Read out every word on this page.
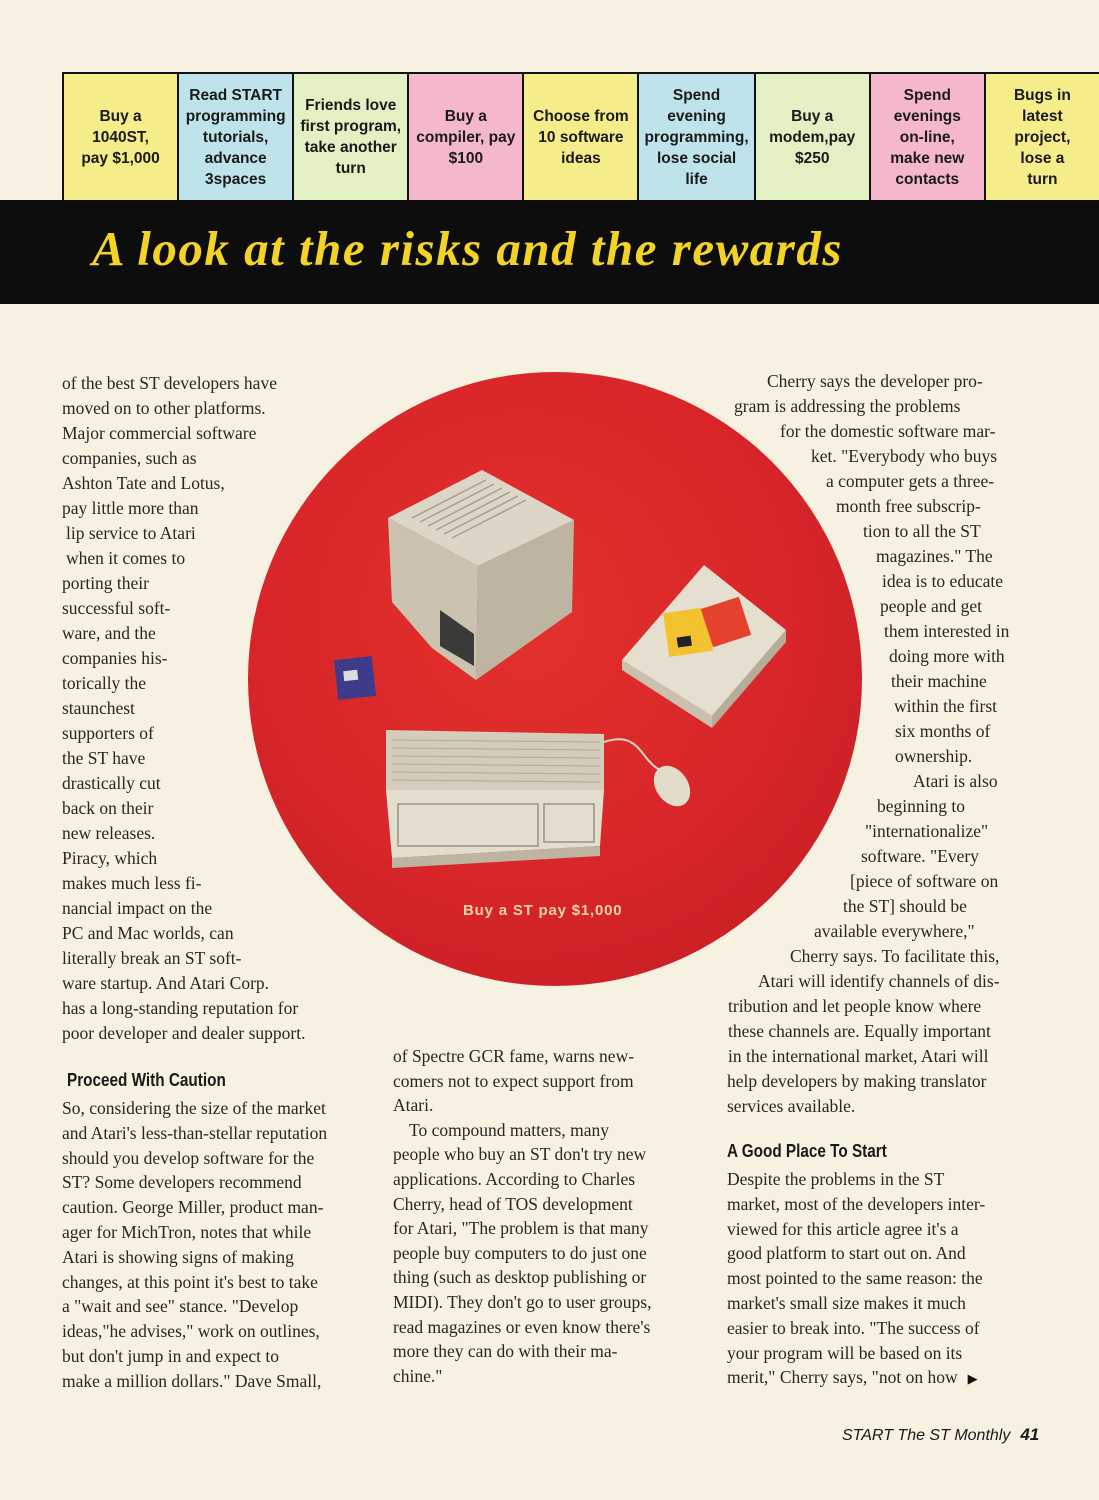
Buy a
1040ST,
pay $1,000
Read START
programming
tutorials,
advance
3spaces
Friends love
first program,
take another
turn
Buy a
compiler, pay
$100
Choose from
10 software
ideas
Spend
evening
programming,
lose social life
Buy a
modem,pay
$250
Spend
evenings
on-line,
make new
contacts
Bugs in
latest
project,
lose a
turn
A look at the risks and the rewards
Buy a ST pay $1,000
of the best ST developers have
moved on to other platforms.
Major commercial software
companies, such as
Ashton Tate and Lotus,
pay little more than
lip service to Atari
when it comes to
porting their
successful soft-
ware, and the
companies his-
torically the
staunchest
supporters of
the ST have
drastically cut
back on their
new releases.
Piracy, which
makes much less fi-
nancial impact on the
PC and Mac worlds, can
literally break an ST soft-
ware startup. And Atari Corp.
has a long-standing reputation for
poor developer and dealer support.
So, considering the size of the market
and Atari's less-than-stellar reputation
should you develop software for the
ST? Some developers recommend
caution. George Miller, product man-
ager for MichTron, notes that while
Atari is showing signs of making
changes, at this point it's best to take
a "wait and see" stance. "Develop
ideas,"he advises," work on outlines,
but don't jump in and expect to
make a million dollars." Dave Small,
of Spectre GCR fame, warns new-
comers not to expect support from
Atari.
To compound matters, many
people who buy an ST don't try new
applications. According to Charles
Cherry, head of TOS development
for Atari, "The problem is that many
people buy computers to do just one
thing (such as desktop publishing or
MIDI). They don't go to user groups,
read magazines or even know there's
more they can do with their ma-
chine."
Cherry says the developer pro-
gram is addressing the problems
for the domestic software mar-
ket. "Everybody who buys
a computer gets a three-
month free subscrip-
tion to all the ST
magazines." The
idea is to educate
people and get
them interested in
doing more with
their machine
within the first
six months of
ownership.
Atari is also
beginning to
"internationalize"
software. "Every
[piece of software on
the ST] should be
available everywhere,"
Cherry says. To facilitate this,
Atari will identify channels of dis-
tribution and let people know where
these channels are. Equally important
in the international market, Atari will
help developers by making translator
services available.
Despite the problems in the ST
market, most of the developers inter-
viewed for this article agree it's a
good platform to start out on. And
most pointed to the same reason: the
market's small size makes it much
easier to break into. "The success of
your program will be based on its
merit," Cherry says, "not on how ▶
Proceed With Caution
A Good Place To Start
START The ST Monthly 41
